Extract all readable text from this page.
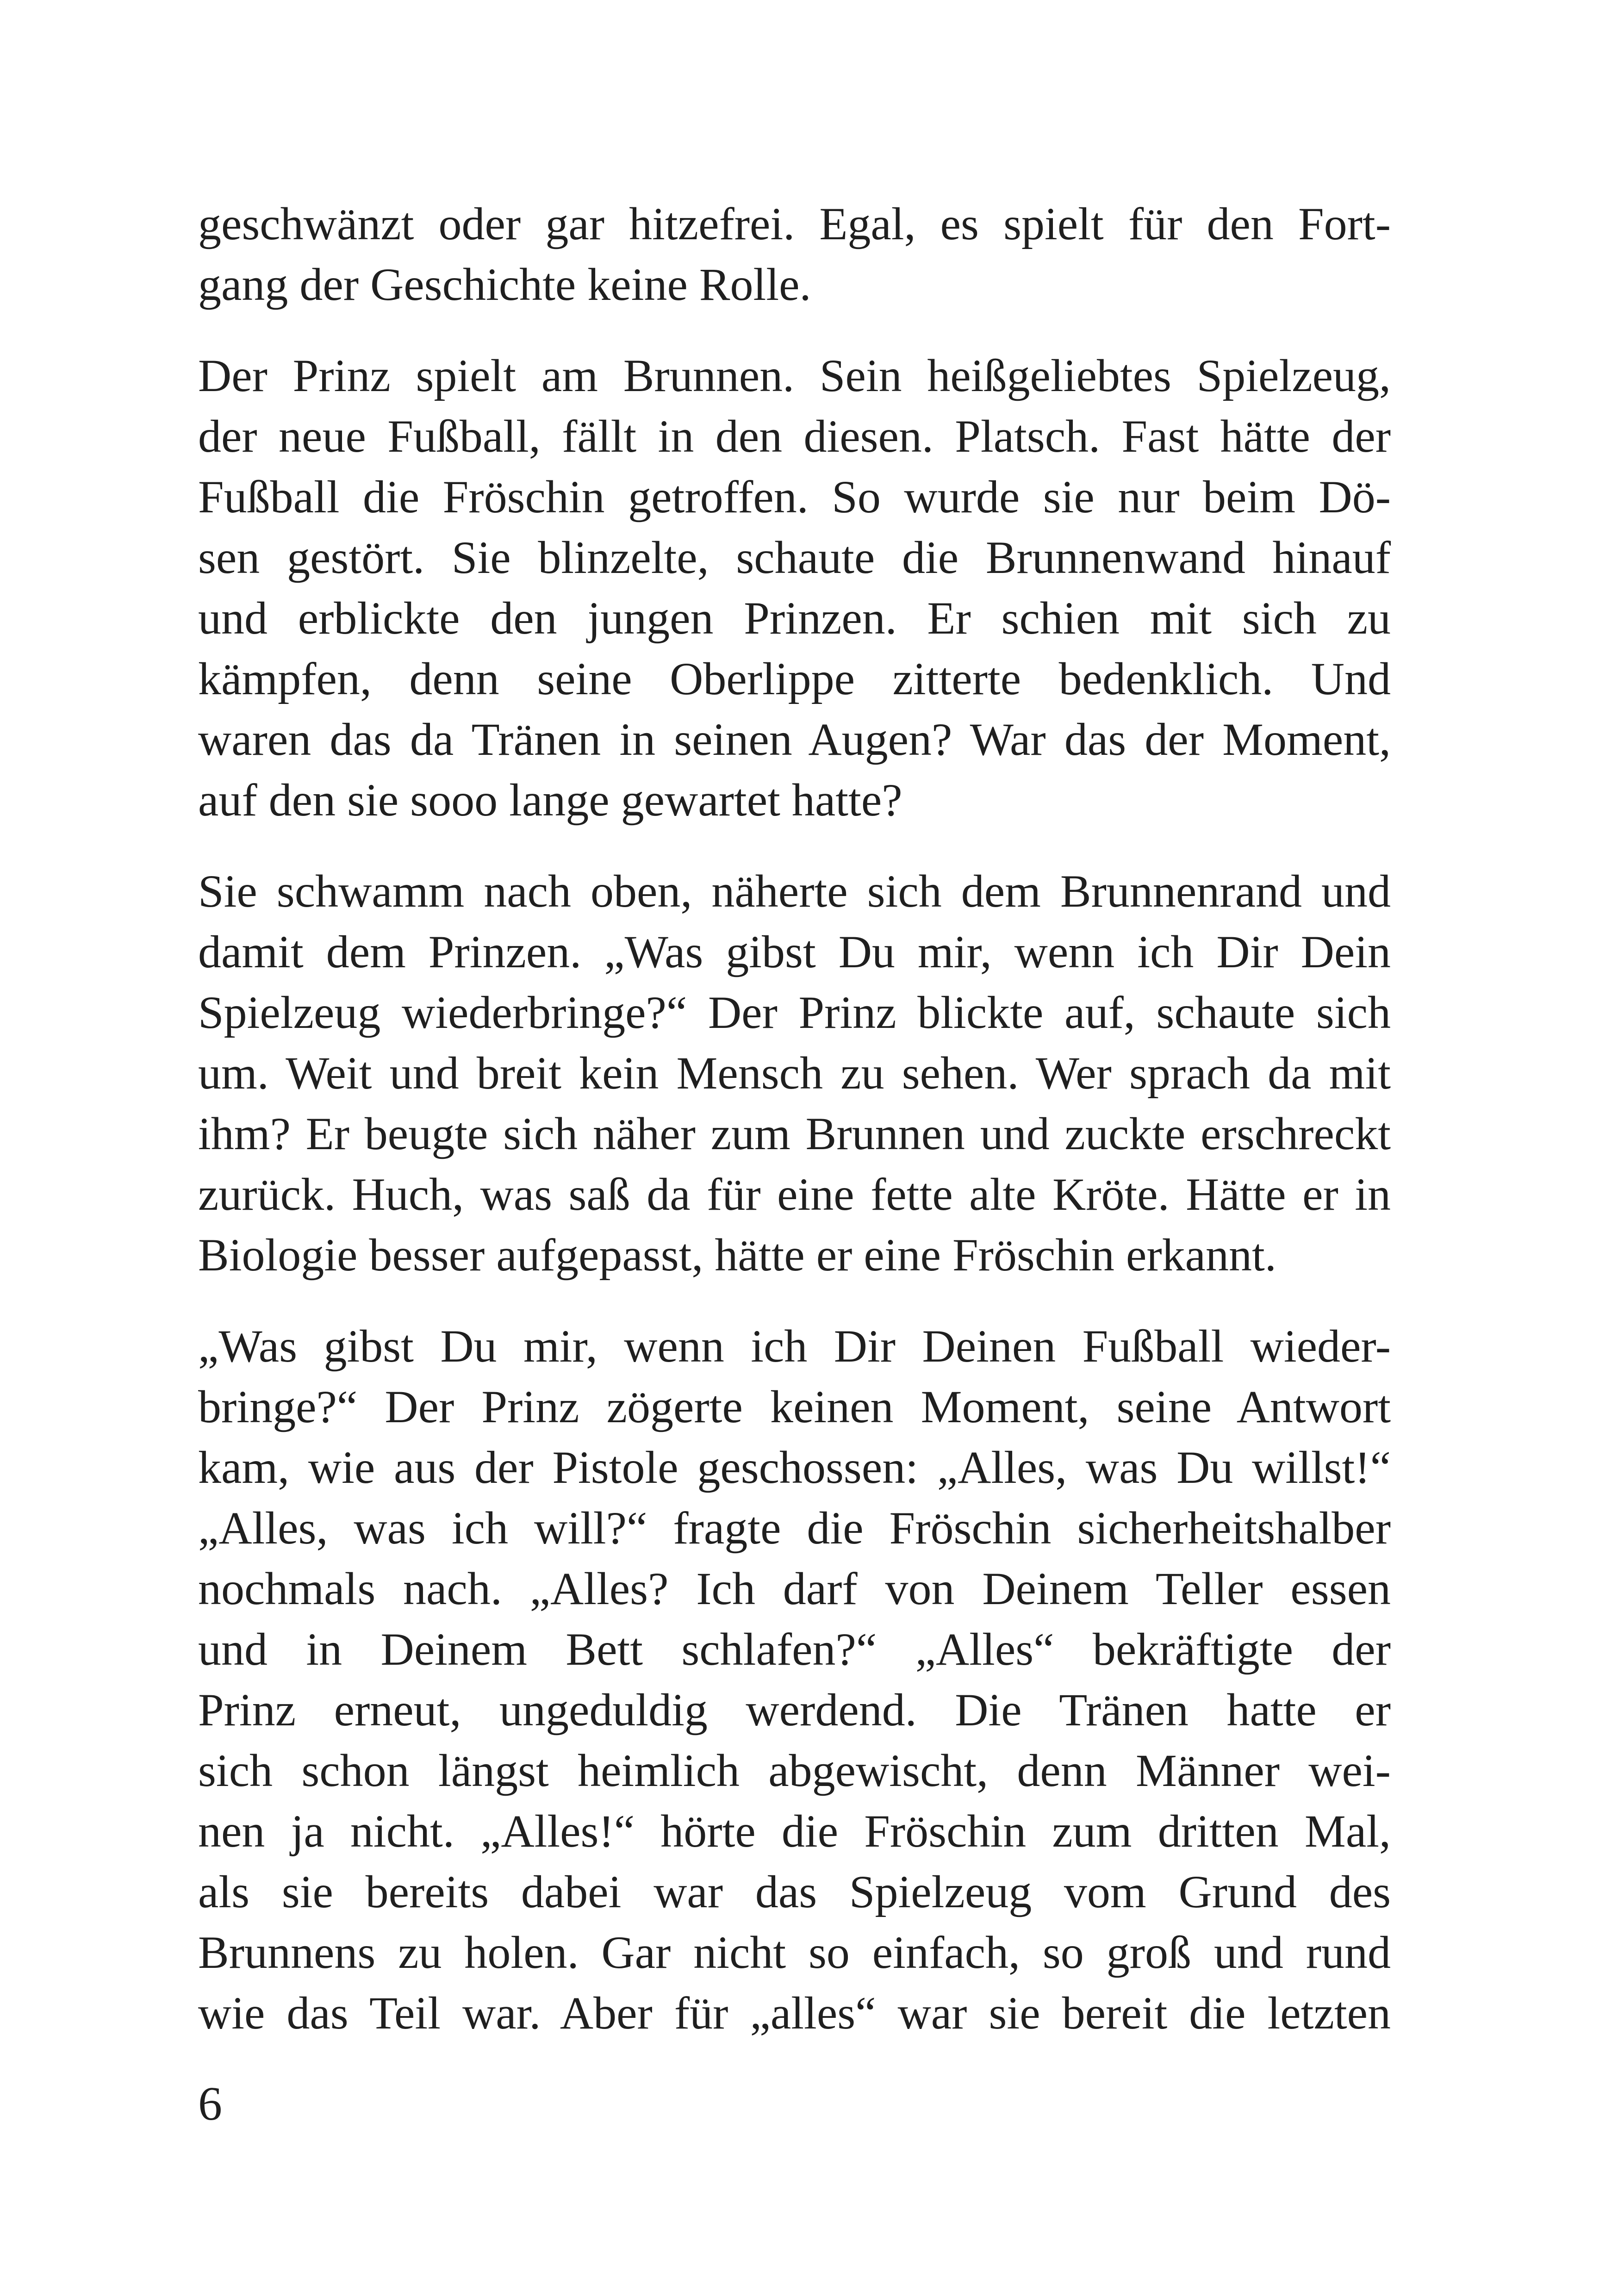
geschwänzt oder gar hitzefrei. Egal, es spielt für den Fort-
gang der Geschichte keine Rolle.

Der Prinz spielt am Brunnen. Sein heißgeliebtes Spielzeug,
der neue Fußball, fällt in den diesen. Platsch. Fast hätte der
Fußball die Fröschin getroffen. So wurde sie nur beim Dö-
sen gestört. Sie blinzelte, schaute die Brunnenwand hinauf
und erblickte den jungen Prinzen. Er schien mit sich zu
kämpfen, denn seine Oberlippe zitterte bedenklich. Und
waren das da Tränen in seinen Augen? War das der Moment,
auf den sie sooo lange gewartet hatte?

Sie schwamm nach oben, näherte sich dem Brunnenrand und
damit dem Prinzen. „Was gibst Du mir, wenn ich Dir Dein
Spielzeug wiederbringe?“ Der Prinz blickte auf, schaute sich
um. Weit und breit kein Mensch zu sehen. Wer sprach da mit
ihm? Er beugte sich näher zum Brunnen und zuckte erschreckt
zurück. Huch, was saß da für eine fette alte Kröte. Hätte er in
Biologie besser aufgepasst, hätte er eine Fröschin erkannt.

„Was gibst Du mir, wenn ich Dir Deinen Fußball wieder-
bringe?“ Der Prinz zögerte keinen Moment, seine Antwort
kam, wie aus der Pistole geschossen: „Alles, was Du willst!“
„Alles, was ich will?“ fragte die Fröschin sicherheitshalber
nochmals nach. „Alles? Ich darf von Deinem Teller essen
und in Deinem Bett schlafen?“ „Alles“ bekräftigte der
Prinz erneut, ungeduldig werdend. Die Tränen hatte er
sich schon längst heimlich abgewischt, denn Männer wei-
nen ja nicht. „Alles!“ hörte die Fröschin zum dritten Mal,
als sie bereits dabei war das Spielzeug vom Grund des
Brunnens zu holen. Gar nicht so einfach, so groß und rund
wie das Teil war. Aber für „alles“ war sie bereit die letzten

6
